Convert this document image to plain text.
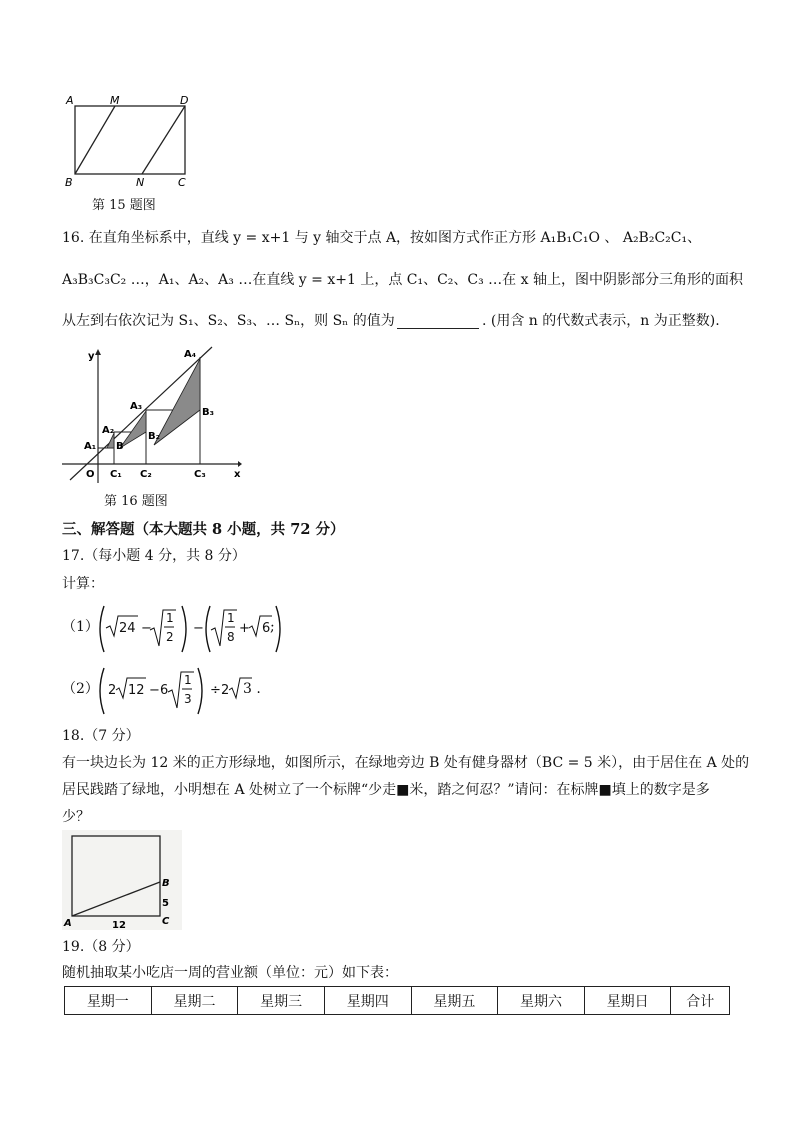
A	M	D
B	N	C
第 15 题图
16. 在直角坐标系中，直线 y = x+1 与 y 轴交于点 A，按如图方式作正方形 A₁B₁C₁O 、 A₂B₂C₂C₁、
A₃B₃C₃C₂ …，A₁、A₂、A₃ …在直线 y = x+1 上，点 C₁、C₂、C₃ …在 x 轴上，图中阴影部分三角形的面积
从左到右依次记为 S₁、S₂、S₃、… Sₙ，则 Sₙ 的值为	. (用含 n 的代数式表示，n 为正整数).
y
x
O
A₁
A₂
A₃
A₄
B
B₂
B₃
C₁ C₂	C₃
第 16 题图
三、解答题（本大题共 8 小题，共 72 分）
17.（每小题 4 分，共 8 分）
计算：
（1） 24 −
1
2
−
1
8
+ 6 ;
（2） 2 12 − 6
1
3
÷ 2 3 .
18.（7 分）
有一块边长为 12 米的正方形绿地，如图所示，在绿地旁边 B 处有健身器材（BC = 5 米），由于居住在 A 处的
居民践踏了绿地，小明想在 A 处树立了一个标牌“少走■米，踏之何忍？”请问：在标牌■填上的数字是多
少？
A
B
C
12
5
19.（8 分）
随机抽取某小吃店一周的营业额（单位：元）如下表：
星期一	星期二	星期三	星期四	星期五	星期六	星期日	合计
